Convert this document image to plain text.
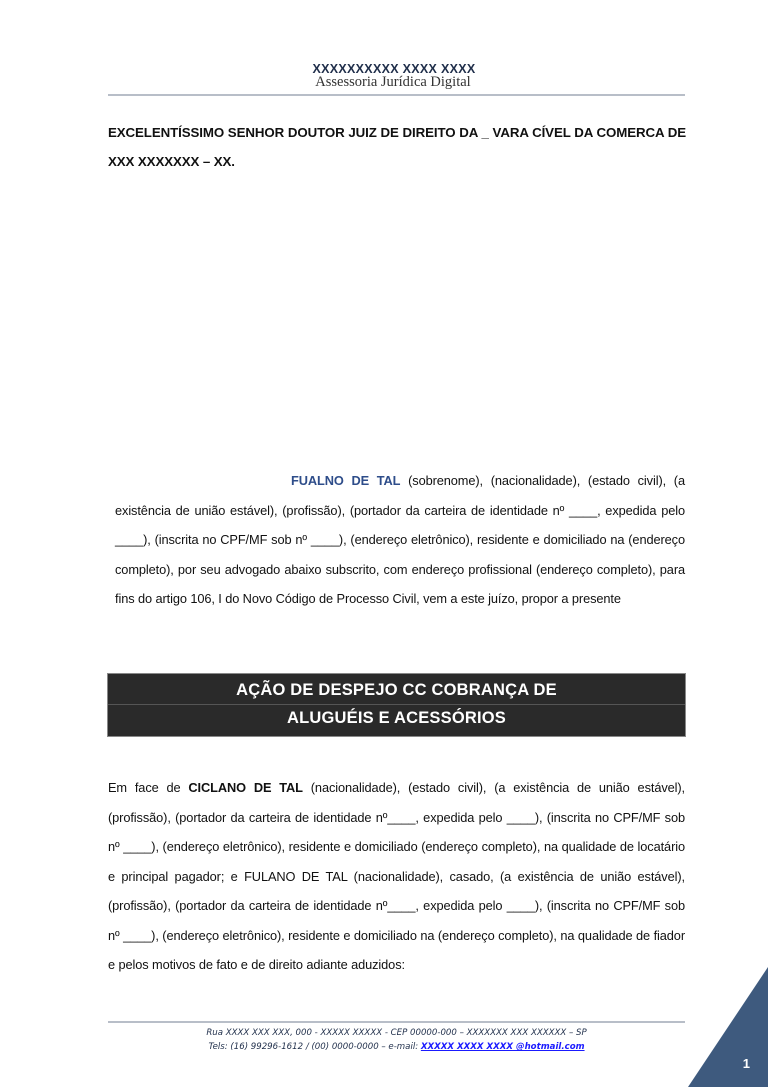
XXXXXXXXXX XXXX XXXX
Assessoria Jurídica Digital
EXCELENTÍSSIMO SENHOR DOUTOR JUIZ DE DIREITO DA _ VARA CÍVEL DA COMERCA DE XXX XXXXXXX – XX.
FUALNO DE TAL (sobrenome), (nacionalidade), (estado civil), (a existência de união estável), (profissão), (portador da carteira de identidade nº ____, expedida pelo ____), (inscrita no CPF/MF sob nº ____), (endereço eletrônico), residente e domiciliado na (endereço completo), por seu advogado abaixo subscrito, com endereço profissional (endereço completo), para fins do artigo 106, I do Novo Código de Processo Civil, vem a este juízo, propor a presente
AÇÃO DE DESPEJO CC COBRANÇA DE
ALUGUÉIS E ACESSÓRIOS
Em face de CICLANO DE TAL (nacionalidade), (estado civil), (a existência de união estável), (profissão), (portador da carteira de identidade nº____, expedida pelo ____), (inscrita no CPF/MF sob nº ____), (endereço eletrônico), residente e domiciliado (endereço completo), na qualidade de locatário e principal pagador; e FULANO DE TAL (nacionalidade), casado, (a existência de união estável), (profissão), (portador da carteira de identidade nº____, expedida pelo ____), (inscrita no CPF/MF sob nº ____), (endereço eletrônico), residente e domiciliado na (endereço completo), na qualidade de fiador e pelos motivos de fato e de direito adiante aduzidos:
Rua XXXX XXX XXX, 000 - XXXXX XXXXX - CEP 00000-000 – XXXXXXX XXX XXXXXX – SP
Tels: (16) 99296-1612 / (00) 0000-0000 – e-mail: XXXXX XXXX XXXX @hotmail.com
1
